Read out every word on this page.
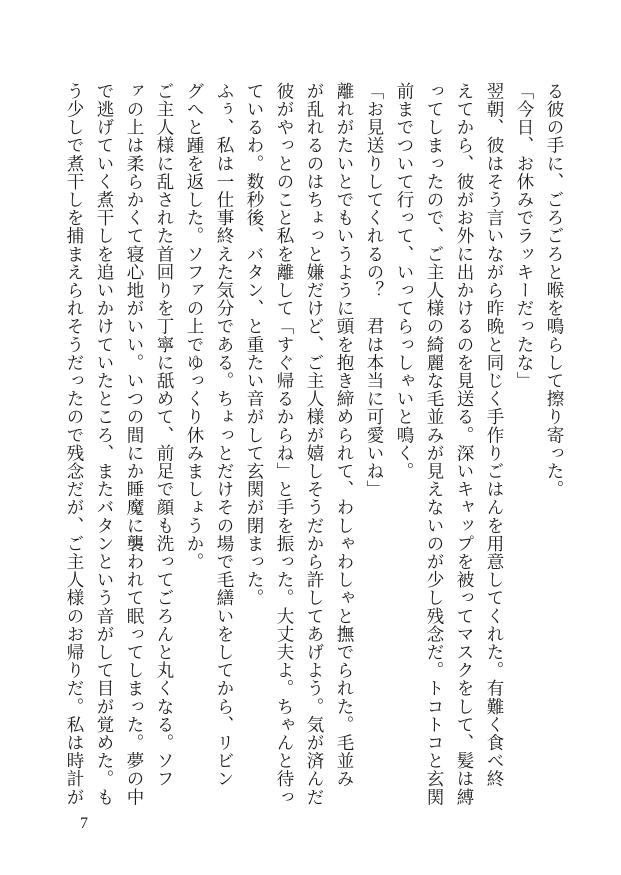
る彼の手に、ごろごろと喉を鳴らして擦り寄った。
「今日、お休みでラッキーだったな」
翌朝、彼はそう言いながら昨晩と同じく手作りごはんを用意してくれた。有難く食べ終
えてから、彼がお外に出かけるのを見送る。深いキャップを被ってマスクをして、髪は縛
ってしまったので、ご主人様の綺麗な毛並みが見えないのが少し残念だ。トコトコと玄関
前までついて行って、いってらっしゃいと鳴く。
「お見送りしてくれるの？　君は本当に可愛いね」
離れがたいとでもいうように頭を抱き締められて、わしゃわしゃと撫でられた。毛並み
が乱れるのはちょっと嫌だけど、ご主人様が嬉しそうだから許してあげよう。気が済んだ
彼がやっとのこと私を離して「すぐ帰るからね」と手を振った。大丈夫よ。ちゃんと待っ
ているわ。数秒後、バタン、と重たい音がして玄関が閉まった。
ふぅ、私は一仕事終えた気分である。ちょっとだけその場で毛繕いをしてから、リビン
グへと踵を返した。ソファの上でゆっくり休みましょうか。
ご主人様に乱された首回りを丁寧に舐めて、前足で顔も洗ってごろんと丸くなる。ソフ
ァの上は柔らかくて寝心地がいい。いつの間にか睡魔に襲われて眠ってしまった。夢の中
で逃げていく煮干しを追いかけていたところ、またバタンという音がして目が覚めた。も
う少しで煮干しを捕まえられそうだったので残念だが、ご主人様のお帰りだ。私は時計が
7
